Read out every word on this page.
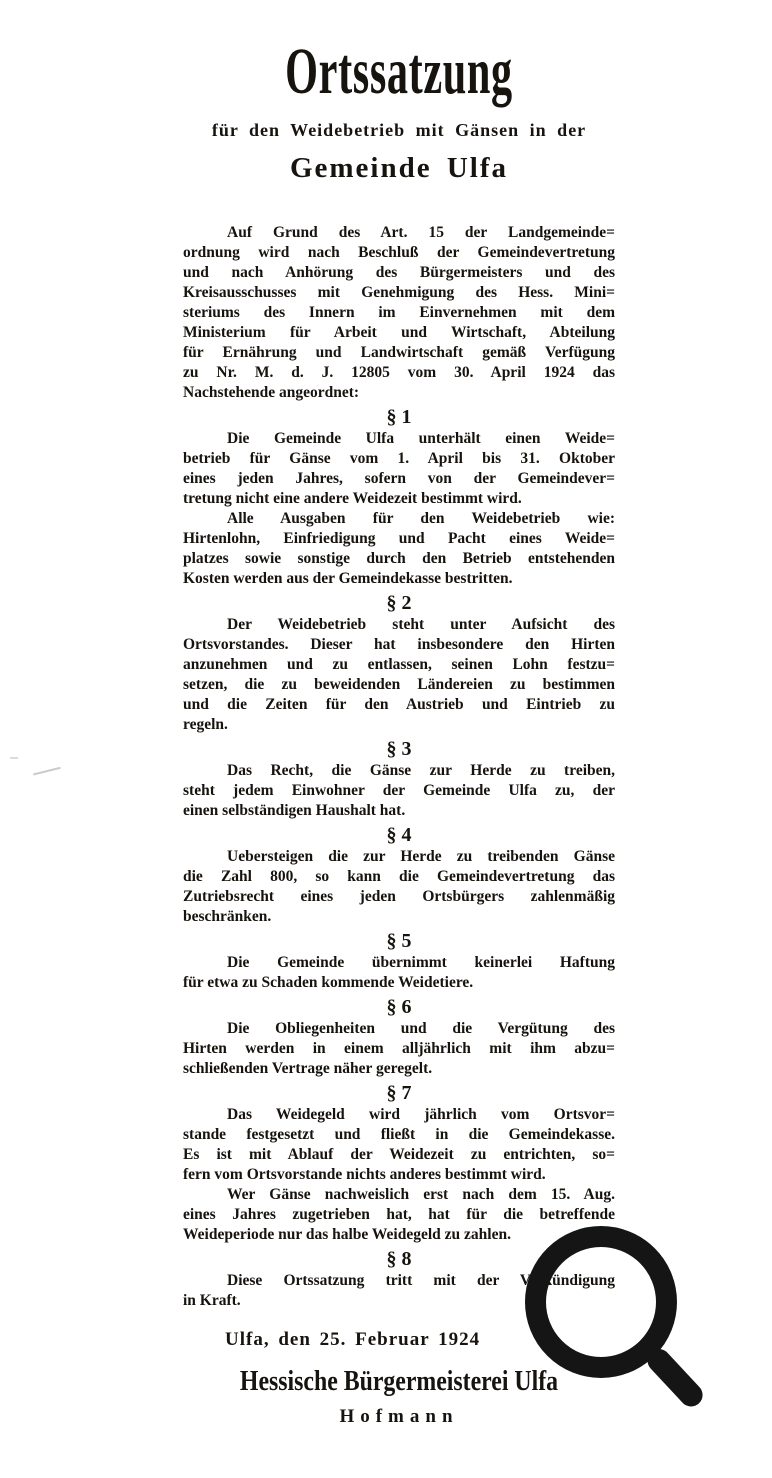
Ortssatzung
für den Weidebetrieb mit Gänsen in der
Gemeinde Ulfa
Auf Grund des Art. 15 der Landgemeinde=
ordnung wird nach Beschluß der Gemeindevertretung
und nach Anhörung des Bürgermeisters und des
Kreisausschusses mit Genehmigung des Hess. Mini=
steriums des Innern im Einvernehmen mit dem
Ministerium für Arbeit und Wirtschaft, Abteilung
für Ernährung und Landwirtschaft gemäß Verfügung
zu Nr. M. d. J. 12805 vom 30. April 1924 das
Nachstehende angeordnet:
§ 1
Die Gemeinde Ulfa unterhält einen Weide=
betrieb für Gänse vom 1. April bis 31. Oktober
eines jeden Jahres, sofern von der Gemeindever=
tretung nicht eine andere Weidezeit bestimmt wird.
Alle Ausgaben für den Weidebetrieb wie:
Hirtenlohn, Einfriedigung und Pacht eines Weide=
platzes sowie sonstige durch den Betrieb entstehenden
Kosten werden aus der Gemeindekasse bestritten.
§ 2
Der Weidebetrieb steht unter Aufsicht des
Ortsvorstandes. Dieser hat insbesondere den Hirten
anzunehmen und zu entlassen, seinen Lohn festzu=
setzen, die zu beweidenden Ländereien zu bestimmen
und die Zeiten für den Austrieb und Eintrieb zu
regeln.
§ 3
Das Recht, die Gänse zur Herde zu treiben,
steht jedem Einwohner der Gemeinde Ulfa zu, der
einen selbständigen Haushalt hat.
§ 4
Uebersteigen die zur Herde zu treibenden Gänse
die Zahl 800, so kann die Gemeindevertretung das
Zutriebsrecht eines jeden Ortsbürgers zahlenmäßig
beschränken.
§ 5
Die Gemeinde übernimmt keinerlei Haftung
für etwa zu Schaden kommende Weidetiere.
§ 6
Die Obliegenheiten und die Vergütung des
Hirten werden in einem alljährlich mit ihm abzu=
schließenden Vertrage näher geregelt.
§ 7
Das Weidegeld wird jährlich vom Ortsvor=
stande festgesetzt und fließt in die Gemeindekasse.
Es ist mit Ablauf der Weidezeit zu entrichten, so=
fern vom Ortsvorstande nichts anderes bestimmt wird.
Wer Gänse nachweislich erst nach dem 15. Aug.
eines Jahres zugetrieben hat, hat für die betreffende
Weideperiode nur das halbe Weidegeld zu zahlen.
§ 8
Diese Ortssatzung tritt mit der Verkündigung
in Kraft.
Ulfa, den 25. Februar 1924
Hessische Bürgermeisterei Ulfa
Hofmann
